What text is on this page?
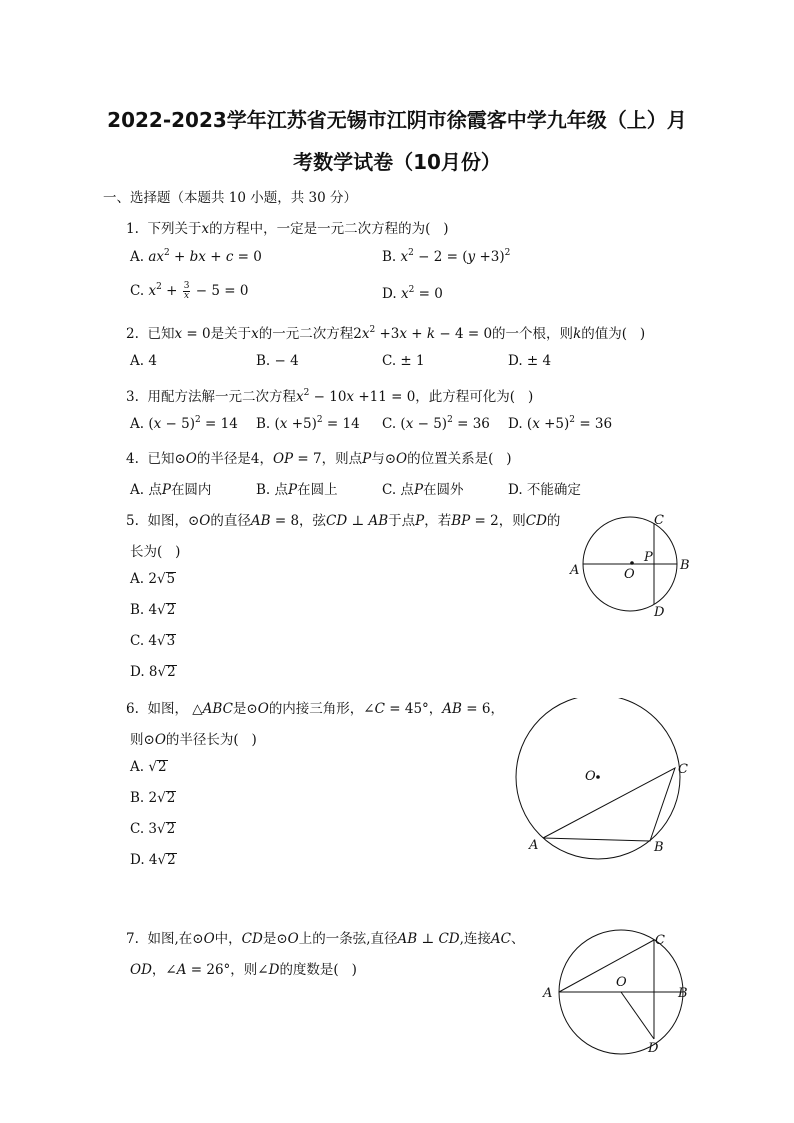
2022-2023学年江苏省无锡市江阴市徐霞客中学九年级（上）月
考数学试卷（10月份）
一、选择题（本题共 10 小题，共 30 分）
1. 下列关于x的方程中，一定是一元二次方程的为(   )
A. $ax^2$ + bx + c = 0	B. $x^2 - 2 = (y +3)^2$
C. $x^2 + \frac{3}{x} - 5 = 0$	D. $x^2 = 0$
2. 已知x = 0是关于x的一元二次方程$2x^2 +3x + k - 4 = 0$的一个根，则k的值为(   )
A. 4	B. − 4	C. ± 1	D. ± 4
3. 用配方法解一元二次方程$x^2 - 10x +11 = 0$，此方程可化为(   )
A. $(x - 5)^2 = 14$ B. $(x +5)^2 = 14$ C. $(x - 5)^2 = 36$ D. $(x +5)^2 = 36$
4. 已知⊙O的半径是4，OP = 7，则点P与⊙O的位置关系是(   )
A. 点P在圆内	B. 点P在圆上	C. 点P在圆外	D. 不能确定
5. 如图，⊙O的直径AB = 8，弦CD ⊥ AB于点P，若BP = 2，则CD的
长为(   )
A. 2√5
B. 4√2
C. 4√3
D. 8√2
A	B
C
D
O
P
6. 如图， △ABC是⊙O的内接三角形，∠C = 45°，AB = 6，
则⊙O的半径长为(   )
A. √2
B. 2√2
C. 3√2
D. 4√2
O
A	B
C
7. 如图,在⊙O中，CD是⊙O上的一条弦,直径AB ⊥ CD,连接AC、
OD，∠A = 26°，则∠D的度数是(   )
A	B
C
D
O
